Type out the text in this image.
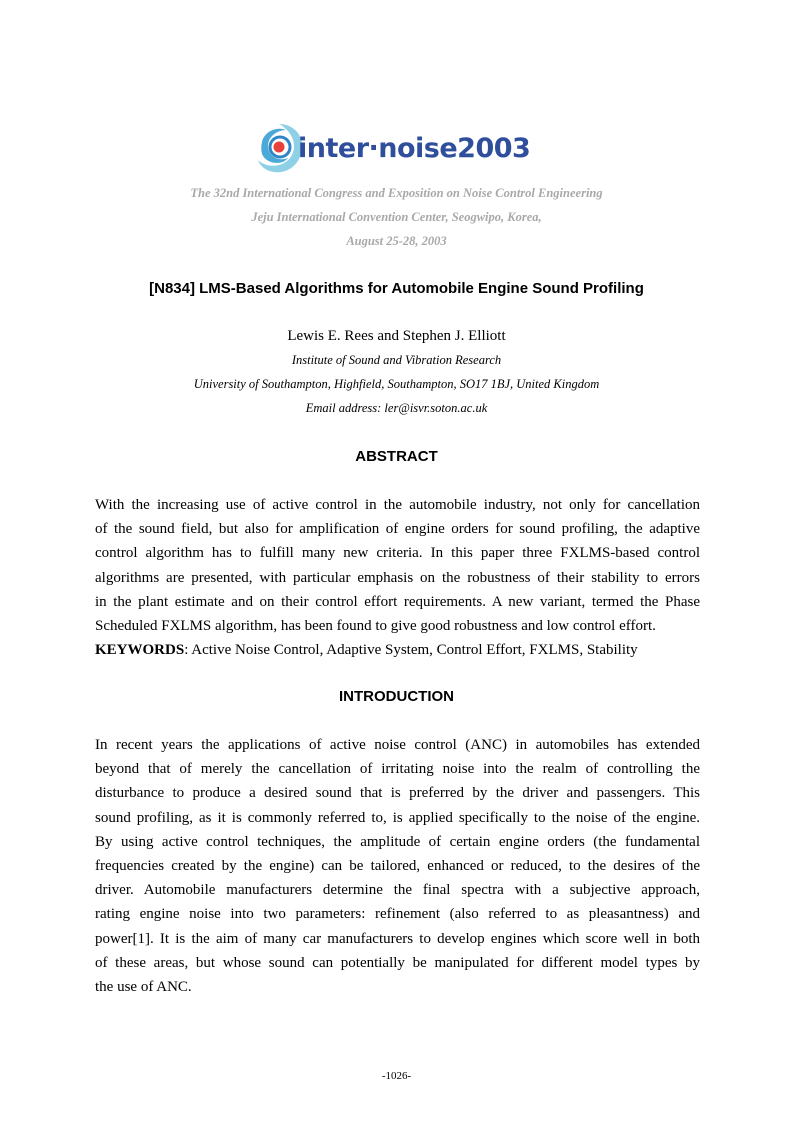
inter·noise2003
The 32nd International Congress and Exposition on Noise Control Engineering
Jeju International Convention Center, Seogwipo, Korea,
August 25-28, 2003
[N834] LMS-Based Algorithms for Automobile Engine Sound Profiling
Lewis E. Rees and Stephen J. Elliott
Institute of Sound and Vibration Research
University of Southampton, Highfield, Southampton, SO17 1BJ, United Kingdom
Email address: ler@isvr.soton.ac.uk
ABSTRACT
With the increasing use of active control in the automobile industry, not only for cancellation
of the sound field, but also for amplification of engine orders for sound profiling, the adaptive
control algorithm has to fulfill many new criteria. In this paper three FXLMS-based control
algorithms are presented, with particular emphasis on the robustness of their stability to errors
in the plant estimate and on their control effort requirements. A new variant, termed the Phase
Scheduled FXLMS algorithm, has been found to give good robustness and low control effort.
KEYWORDS: Active Noise Control, Adaptive System, Control Effort, FXLMS, Stability
INTRODUCTION
In recent years the applications of active noise control (ANC) in automobiles has extended
beyond that of merely the cancellation of irritating noise into the realm of controlling the
disturbance to produce a desired sound that is preferred by the driver and passengers. This
sound profiling, as it is commonly referred to, is applied specifically to the noise of the engine.
By using active control techniques, the amplitude of certain engine orders (the fundamental
frequencies created by the engine) can be tailored, enhanced or reduced, to the desires of the
driver. Automobile manufacturers determine the final spectra with a subjective approach,
rating engine noise into two parameters: refinement (also referred to as pleasantness) and
power[1]. It is the aim of many car manufacturers to develop engines which score well in both
of these areas, but whose sound can potentially be manipulated for different model types by
the use of ANC.
-1026-
